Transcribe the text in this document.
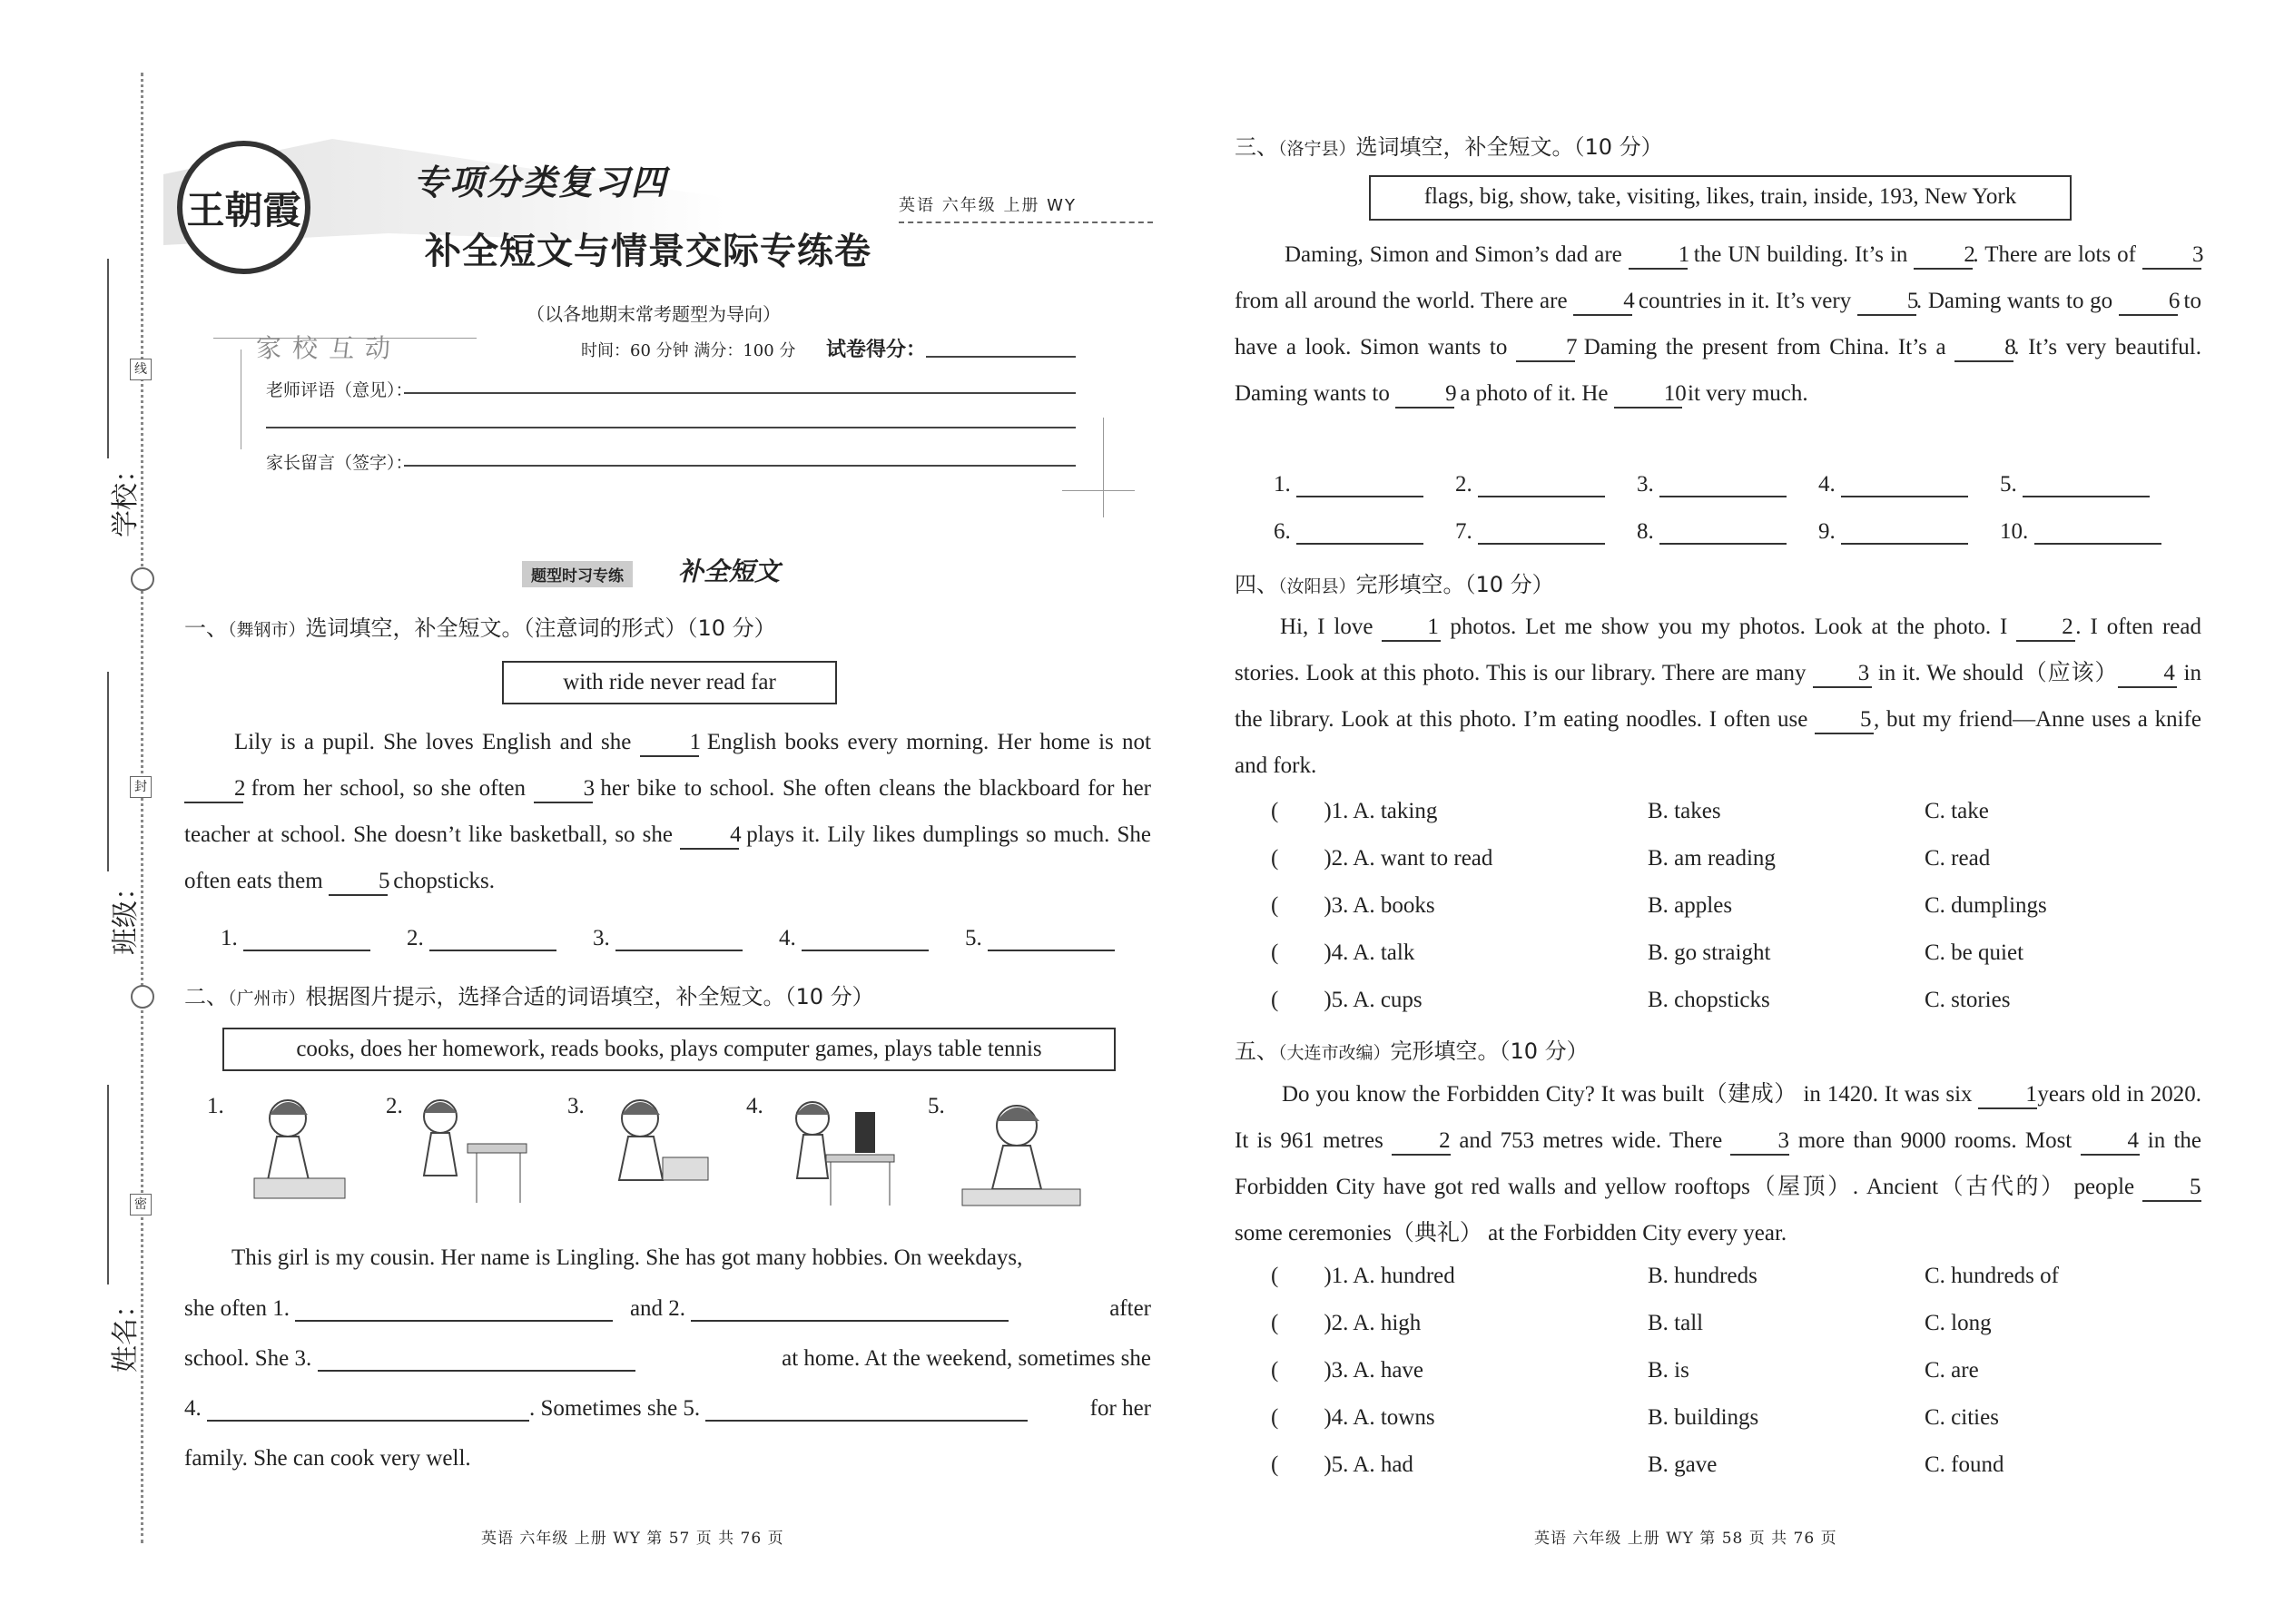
线
封
密
学校：
班级：
姓名：
王朝霞
专项分类复习四
英语 六年级 上册 WY
补全短文与情景交际专练卷
（以各地期末常考题型为导向）
家校互动	时间：60 分钟 满分：100 分 试卷得分：
老师评语（意见）：
家长留言（签字）：
题型时习专练	补全短文
一、（舞钢市）选词填空，补全短文。（注意词的形式）（10 分）
with ride never read far
Lily is a pupil. She loves English and she 1 English books every morning. Her home is not 2 from her school, so she often 3 her bike to school. She often cleans the blackboard for her teacher at school. She doesn’t like basketball, so she 4 plays it. Lily likes dumplings so much. She often eats them 5 chopsticks.
1.	2.	3.	4.	5.
二、（广州市）根据图片提示，选择合适的词语填空，补全短文。（10 分）
cooks, does her homework, reads books, plays computer games, plays table tennis
1.	2.	3.	4.	5.
This girl is my cousin. Her name is Lingling. She has got many hobbies. On weekdays,
she often 1.	and 2.	after
school. She 3.	at home. At the weekend, sometimes she
4.	. Sometimes she 5.	for her
family. She can cook very well.
英语 六年级 上册 WY 第 57 页 共 76 页
三、（洛宁县）选词填空，补全短文。（10 分）
flags, big, show, take, visiting, likes, train, inside, 193, New York
Daming, Simon and Simon’s dad are 1 the UN building. It’s in 2. There are lots of 3 from all around the world. There are 4 countries in it. It’s very 5. Daming wants to go 6 to have a look. Simon wants to 7 Daming the present from China. It’s a 8. It’s very beautiful. Daming wants to 9 a photo of it. He 10 it very much.
1.	2.	3.	4.	5.
6.	7.	8.	9.	10.
四、（汝阳县）完形填空。（10 分）
Hi, I love 1 photos. Let me show you my photos. Look at the photo. I 2 . I often read stories. Look at this photo. This is our library. There are many 3 in it. We should（应该） 4 in the library. Look at this photo. I’m eating noodles. I often use 5 , but my friend—Anne uses a knife and fork.
(        )1. A. taking	B. takes	C. take
(        )2. A. want to read	B. am reading	C. read
(        )3. A. books	B. apples	C. dumplings
(        )4. A. talk	B. go straight	C. be quiet
(        )5. A. cups	B. chopsticks	C. stories
五、（大连市改编）完形填空。（10 分）
Do you know the Forbidden City? It was built（建成） in 1420. It was six 1years old in 2020. It is 961 metres 2 and 753 metres wide. There 3 more than 9000 rooms. Most 4 in the Forbidden City have got red walls and yellow rooftops（屋顶）. Ancient（古代的） people 5 some ceremonies（典礼） at the Forbidden City every year.
(        )1. A. hundred	B. hundreds	C. hundreds of
(        )2. A. high	B. tall	C. long
(        )3. A. have	B. is	C. are
(        )4. A. towns	B. buildings	C. cities
(        )5. A. had	B. gave	C. found
英语 六年级 上册 WY 第 58 页 共 76 页
